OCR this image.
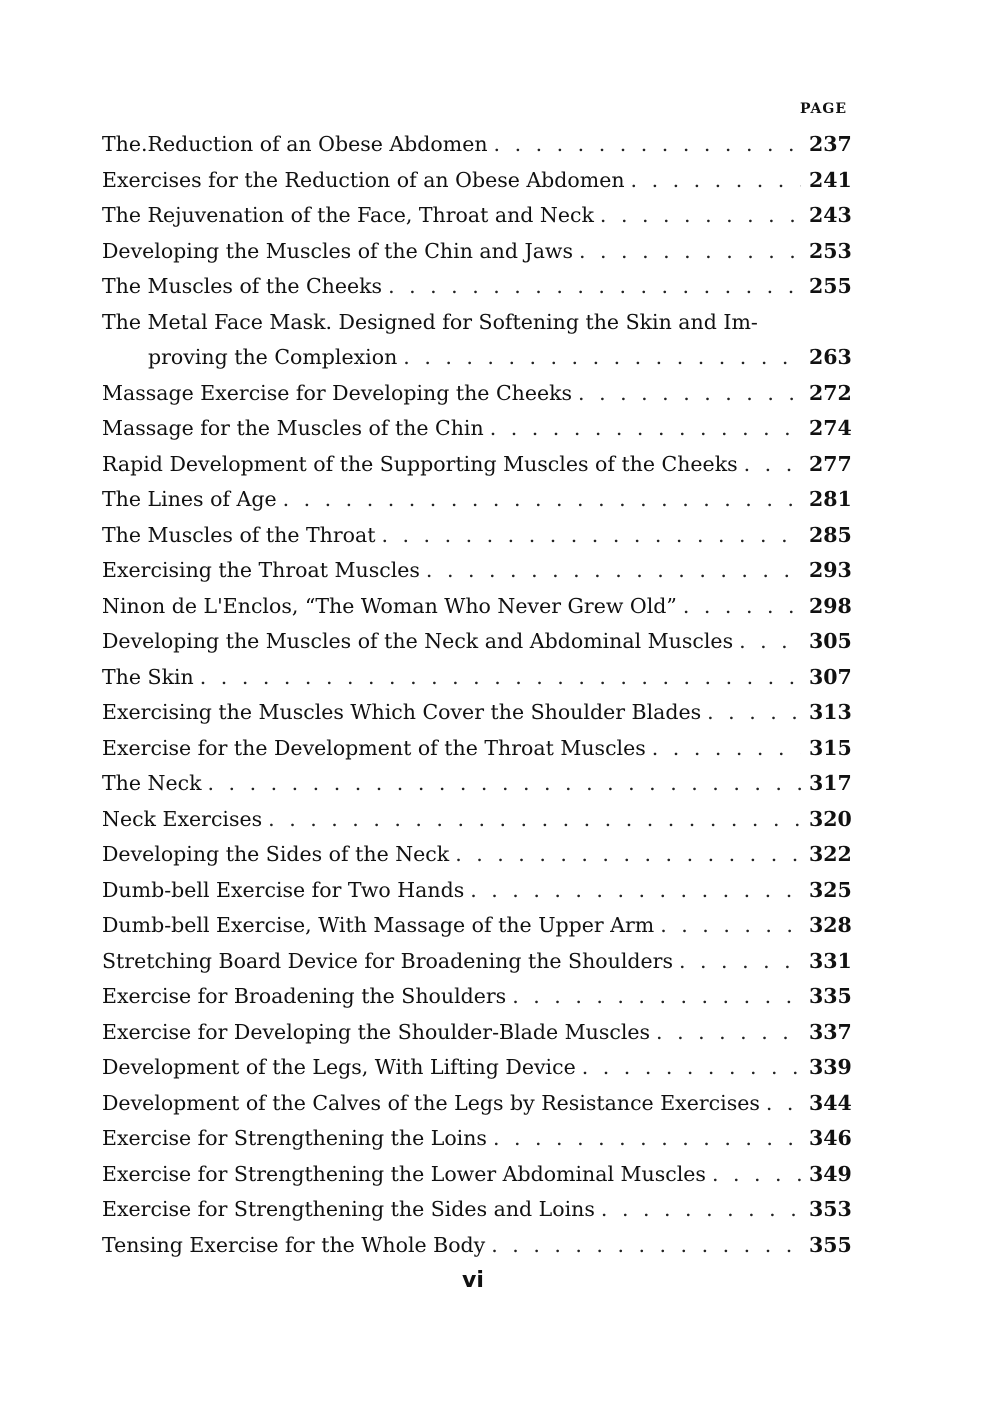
PAGE
The.Reduction of an Obese Abdomen . . .	237
Exercises for the Reduction of an Obese Abdomen . . .	241
The Rejuvenation of the Face, Throat and Neck . . .	243
Developing the Muscles of the Chin and Jaws . . .	253
The Muscles of the Cheeks . . .	255
The Metal Face Mask. Designed for Softening the Skin and Im-
proving the Complexion . . .	263
Massage Exercise for Developing the Cheeks . . .	272
Massage for the Muscles of the Chin . . .	274
Rapid Development of the Supporting Muscles of the Cheeks . . .	277
The Lines of Age . . .	281
The Muscles of the Throat . . .	285
Exercising the Throat Muscles . . .	293
Ninon de L'Enclos, “The Woman Who Never Grew Old” . . .	298
Developing the Muscles of the Neck and Abdominal Muscles . . .	305
The Skin . . .	307
Exercising the Muscles Which Cover the Shoulder Blades . . .	313
Exercise for the Development of the Throat Muscles . . .	315
The Neck . . .	317
Neck Exercises . . .	320
Developing the Sides of the Neck . . .	322
Dumb-bell Exercise for Two Hands . . .	325
Dumb-bell Exercise, With Massage of the Upper Arm . . .	328
Stretching Board Device for Broadening the Shoulders . . .	331
Exercise for Broadening the Shoulders . . .	335
Exercise for Developing the Shoulder-Blade Muscles . . .	337
Development of the Legs, With Lifting Device . . .	339
Development of the Calves of the Legs by Resistance Exercises . . . 344
Exercise for Strengthening the Loins . . .	346
Exercise for Strengthening the Lower Abdominal Muscles . . .	349
Exercise for Strengthening the Sides and Loins . . .	353
Tensing Exercise for the Whole Body . . .	355
vi
